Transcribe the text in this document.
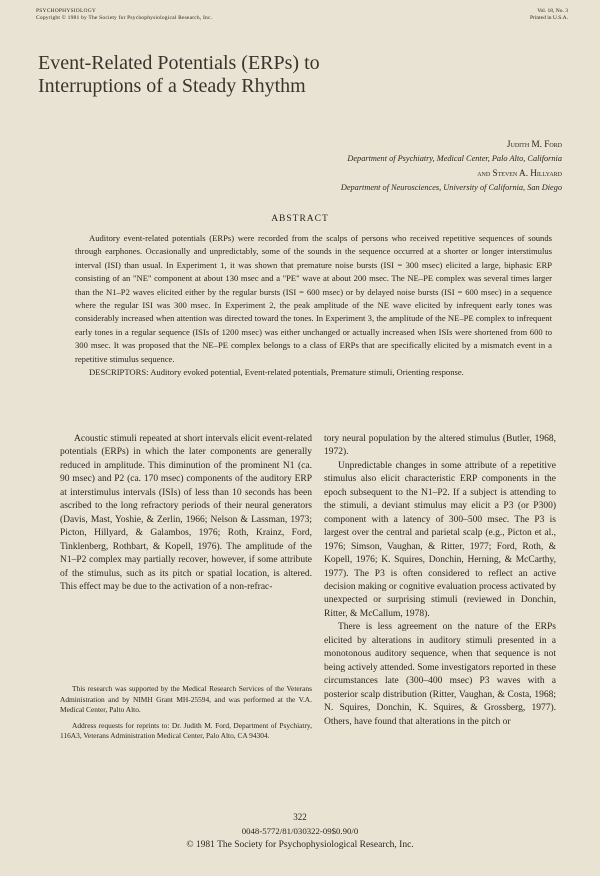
PSYCHOPHYSIOLOGY
Copyright © 1981 by The Society for Psychophysiological Research, Inc.
Vol. 18, No. 3
Printed in U.S.A.
Event-Related Potentials (ERPs) to
Interruptions of a Steady Rhythm
Judith M. Ford
Department of Psychiatry, Medical Center, Palo Alto, California
and Steven A. Hillyard
Department of Neurosciences, University of California, San Diego
ABSTRACT

Auditory event-related potentials (ERPs) were recorded from the scalps of persons who received repetitive sequences of sounds through earphones. Occasionally and unpredictably, some of the sounds in the sequence occurred at a shorter or longer interstimulus interval (ISI) than usual. In Experiment 1, it was shown that premature noise bursts (ISI = 300 msec) elicited a large, biphasic ERP consisting of an "NE" component at about 130 msec and a "PE" wave at about 200 msec. The NE–PE complex was several times larger than the N1–P2 waves elicited either by the regular bursts (ISI = 600 msec) or by delayed noise bursts (ISI = 600 msec) in a sequence where the regular ISI was 300 msec. In Experiment 2, the peak amplitude of the NE wave elicited by infrequent early tones was considerably increased when attention was directed toward the tones. In Experiment 3, the amplitude of the NE–PE complex to infrequent early tones in a regular sequence (ISIs of 1200 msec) was either unchanged or actually increased when ISIs were shortened from 600 to 300 msec. It was proposed that the NE–PE complex belongs to a class of ERPs that are specifically elicited by a mismatch event in a repetitive stimulus sequence.

DESCRIPTORS: Auditory evoked potential, Event-related potentials, Premature stimuli, Orienting response.

Acoustic stimuli repeated at short intervals elicit event-related potentials (ERPs) in which the later components are generally reduced in amplitude. This diminution of the prominent N1 (ca. 90 msec) and P2 (ca. 170 msec) components of the auditory ERP at interstimulus intervals (ISIs) of less than 10 seconds has been ascribed to the long refractory periods of their neural generators (Davis, Mast, Yoshie, & Zerlin, 1966; Nelson & Lassman, 1973; Picton, Hillyard, & Galambos, 1976; Roth, Krainz, Ford, Tinklenberg, Rothbart, & Kopell, 1976). The amplitude of the N1–P2 complex may partially recover, however, if some attribute of the stimulus, such as its pitch or spatial location, is altered. This effect may be due to the activation of a non-refrac-

tory neural population by the altered stimulus (Butler, 1968, 1972).

Unpredictable changes in some attribute of a repetitive stimulus also elicit characteristic ERP components in the epoch subsequent to the N1–P2. If a subject is attending to the stimuli, a deviant stimulus may elicit a P3 (or P300) component with a latency of 300–500 msec. The P3 is largest over the central and parietal scalp (e.g., Picton et al., 1976; Simson, Vaughan, & Ritter, 1977; Ford, Roth, & Kopell, 1976; K. Squires, Donchin, Herning, & McCarthy, 1977). The P3 is often considered to reflect an active decision making or cognitive evaluation process activated by unexpected or surprising stimuli (reviewed in Donchin, Ritter, & McCallum, 1978).

There is less agreement on the nature of the ERPs elicited by alterations in auditory stimuli presented in a monotonous auditory sequence, when that sequence is not being actively attended. Some investigators reported in these circumstances late (300–400 msec) P3 waves with a posterior scalp distribution (Ritter, Vaughan, & Costa, 1968; N. Squires, Donchin, K. Squires, & Grossberg, 1977). Others, have found that alterations in the pitch or

This research was supported by the Medical Research Services of the Veterans Administration and by NIMH Grant MH-25594, and was performed at the V.A. Medical Center, Palto Alto.

Address requests for reprints to: Dr. Judith M. Ford, Department of Psychiatry, 116A3, Veterans Administration Medical Center, Palo Alto, CA 94304.

322
0048-5772/81/030322-09$0.90/0
© 1981 The Society for Psychophysiological Research, Inc.
